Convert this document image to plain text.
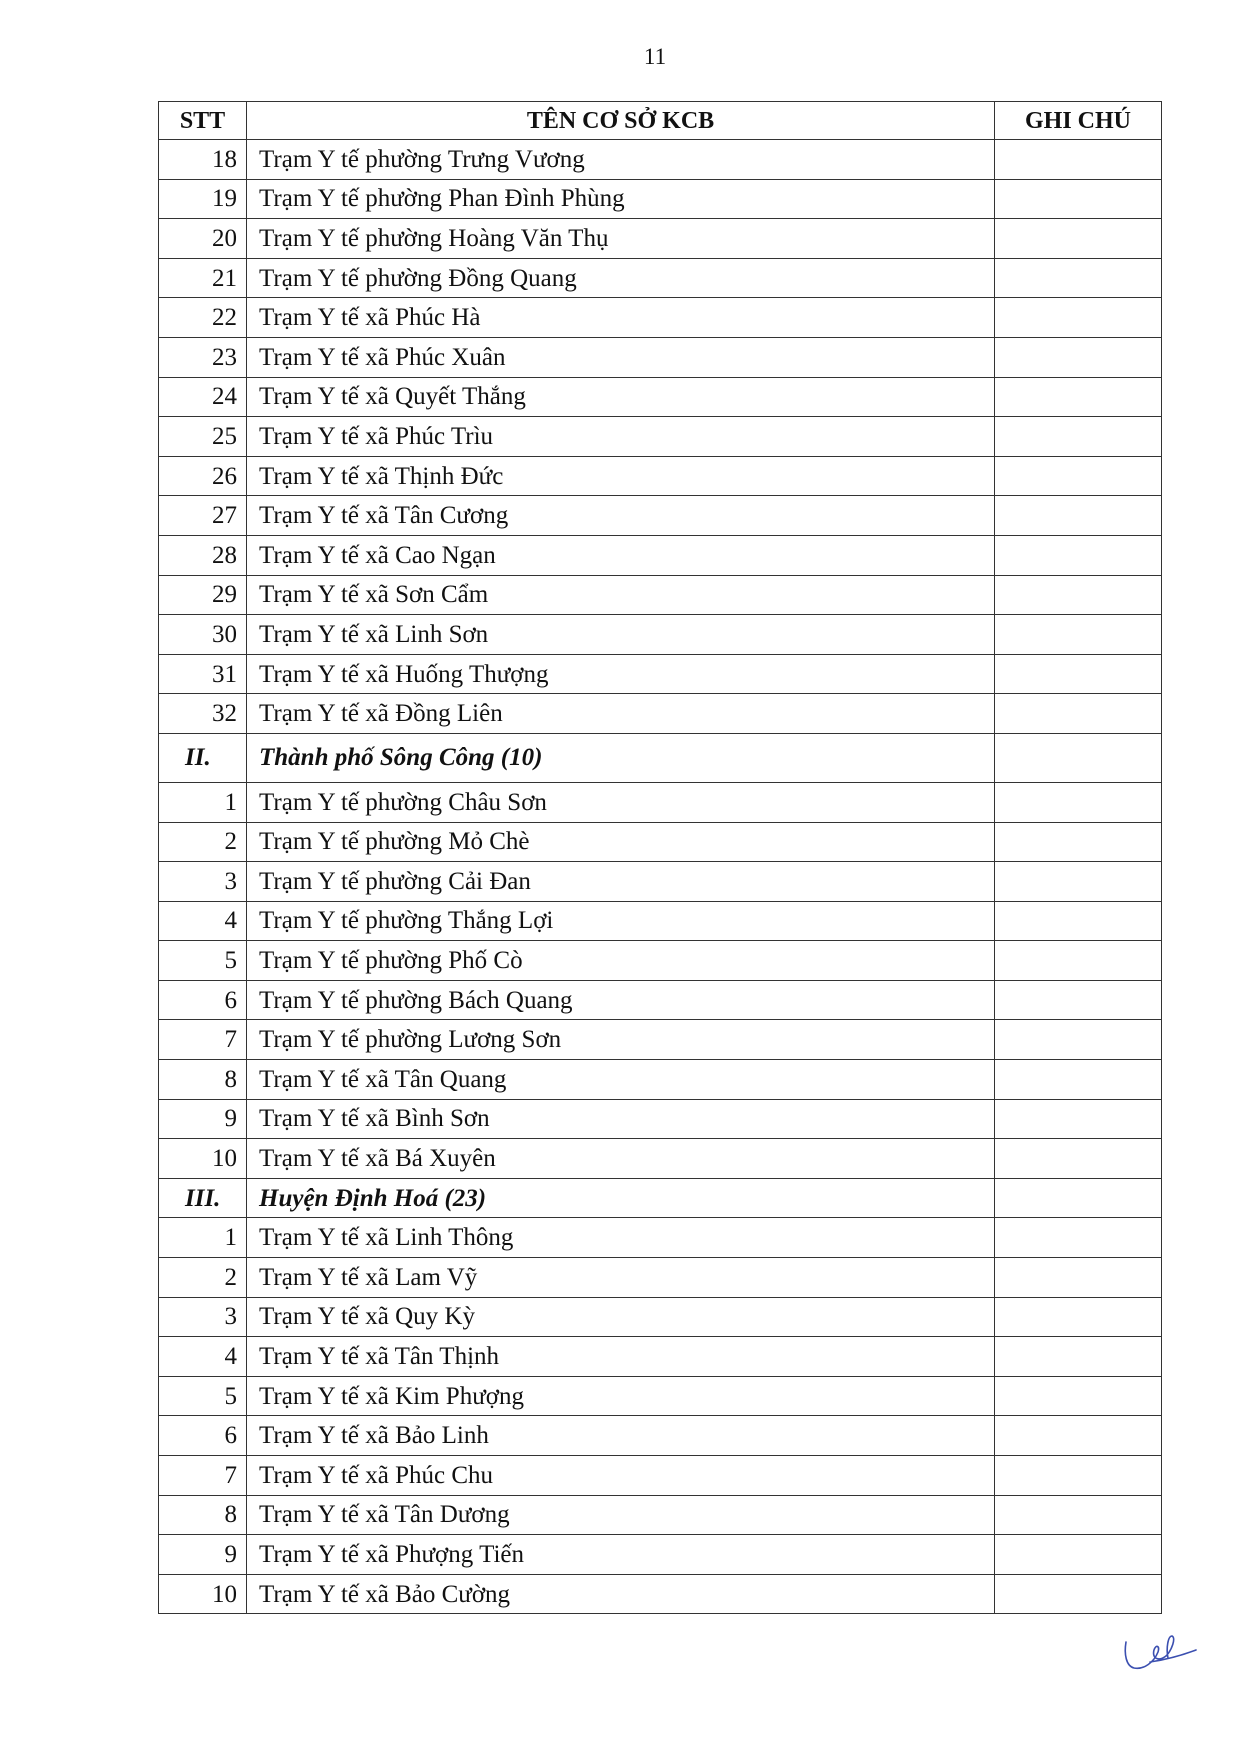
11
STT	TÊN CƠ SỞ KCB	GHI CHÚ
18	Trạm Y tế phường Trưng Vương	
19	Trạm Y tế phường Phan Đình Phùng	
20	Trạm Y tế phường Hoàng Văn Thụ	
21	Trạm Y tế phường Đồng Quang	
22	Trạm Y tế xã Phúc Hà	
23	Trạm Y tế xã Phúc Xuân	
24	Trạm Y tế xã Quyết Thắng	
25	Trạm Y tế xã Phúc Trìu	
26	Trạm Y tế xã Thịnh Đức	
27	Trạm Y tế xã Tân Cương	
28	Trạm Y tế xã Cao Ngạn	
29	Trạm Y tế xã Sơn Cẩm	
30	Trạm Y tế xã Linh Sơn	
31	Trạm Y tế xã Huống Thượng	
32	Trạm Y tế xã Đồng Liên	
II.	Thành phố Sông Công (10)	
1	Trạm Y tế phường Châu Sơn	
2	Trạm Y tế phường Mỏ Chè	
3	Trạm Y tế phường Cải Đan	
4	Trạm Y tế phường Thắng Lợi	
5	Trạm Y tế phường Phố Cò	
6	Trạm Y tế phường Bách Quang	
7	Trạm Y tế phường Lương Sơn	
8	Trạm Y tế xã Tân Quang	
9	Trạm Y tế xã Bình Sơn	
10	Trạm Y tế xã Bá Xuyên	
III.	Huyện Định Hoá (23)	
1	Trạm Y tế xã Linh Thông	
2	Trạm Y tế xã Lam Vỹ	
3	Trạm Y tế xã Quy Kỳ	
4	Trạm Y tế xã Tân Thịnh	
5	Trạm Y tế xã Kim Phượng	
6	Trạm Y tế xã Bảo Linh	
7	Trạm Y tế xã Phúc Chu	
8	Trạm Y tế xã Tân Dương	
9	Trạm Y tế xã Phượng Tiến	
10	Trạm Y tế xã Bảo Cường	
